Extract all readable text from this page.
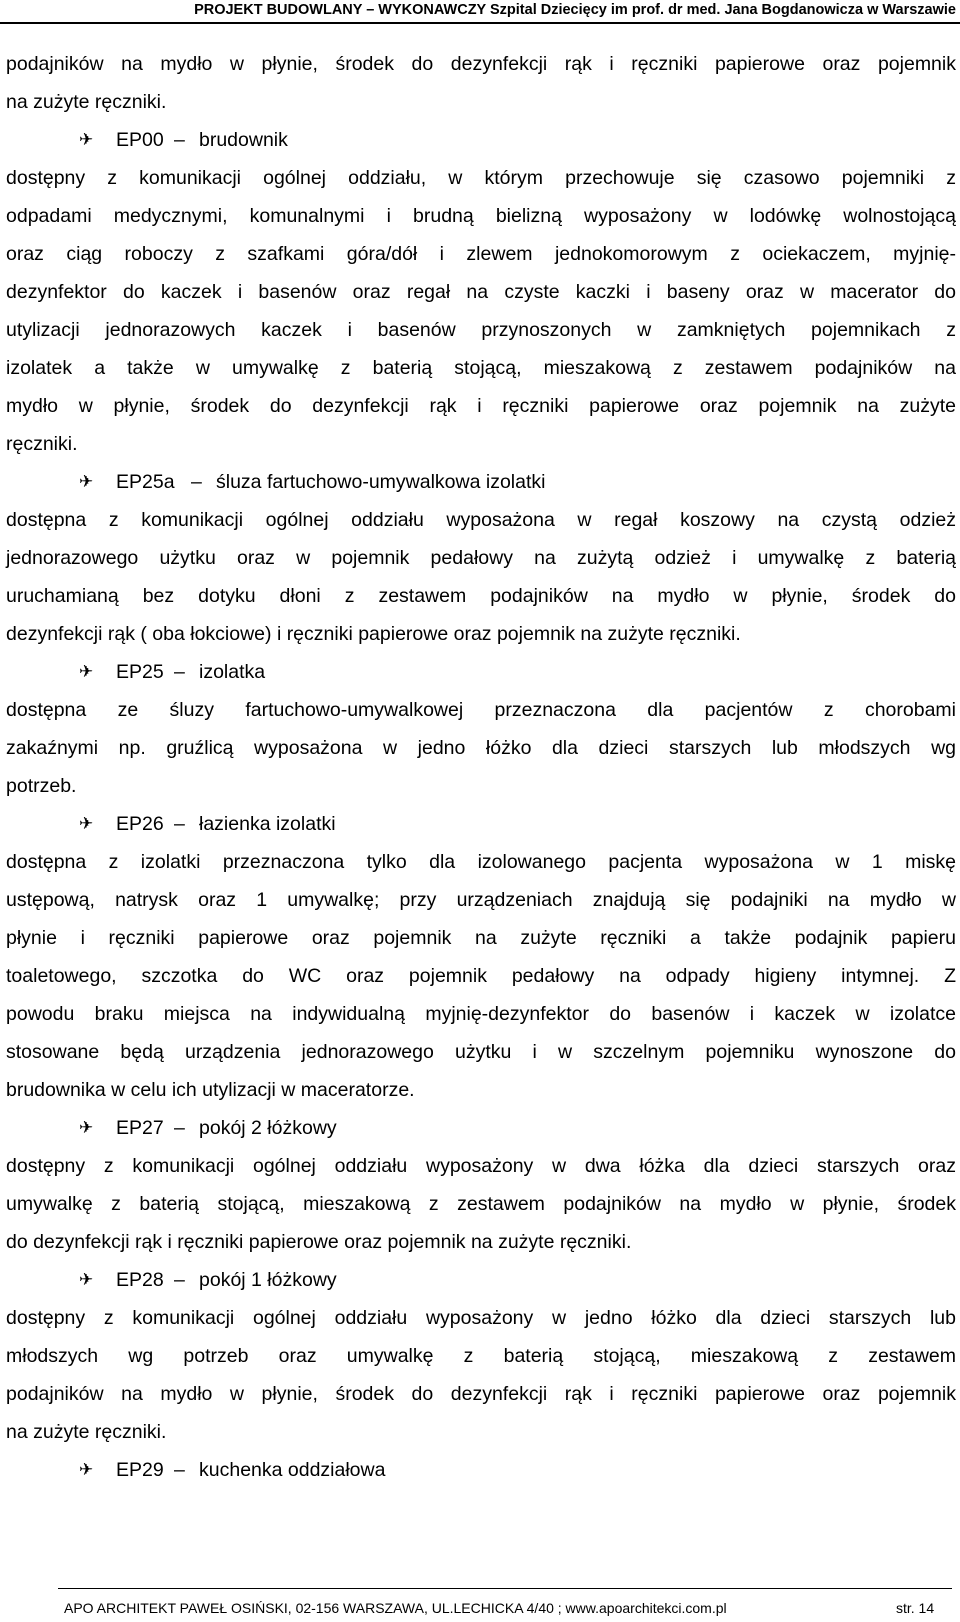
PROJEKT BUDOWLANY – WYKONAWCZY Szpital Dziecięcy im prof. dr med. Jana Bogdanowicza w Warszawie
podajników na mydło w płynie, środek do dezynfekcji rąk i ręczniki papierowe oraz pojemnik
na zużyte ręczniki.
✈ EP00 – brudownik
dostępny z komunikacji ogólnej oddziału, w którym przechowuje się czasowo pojemniki z
odpadami medycznymi, komunalnymi i brudną bielizną wyposażony w lodówkę wolnostojącą
oraz ciąg roboczy z szafkami góra/dół i zlewem jednokomorowym z ociekaczem, myjnię-
dezynfektor do kaczek i basenów oraz regał na czyste kaczki i baseny oraz w macerator do
utylizacji jednorazowych kaczek i basenów przynoszonych w zamkniętych pojemnikach z
izolatek a także w umywalkę z baterią stojącą, mieszakową z zestawem podajników na
mydło w płynie, środek do dezynfekcji rąk i ręczniki papierowe oraz pojemnik na zużyte
ręczniki.
✈ EP25a – śluza fartuchowo-umywalkowa izolatki
dostępna z komunikacji ogólnej oddziału wyposażona w regał koszowy na czystą odzież
jednorazowego użytku oraz w pojemnik pedałowy na zużytą odzież i umywalkę z baterią
uruchamianą bez dotyku dłoni z zestawem podajników na mydło w płynie, środek do
dezynfekcji rąk ( oba łokciowe) i ręczniki papierowe oraz pojemnik na zużyte ręczniki.
✈ EP25 – izolatka
dostępna ze śluzy fartuchowo-umywalkowej przeznaczona dla pacjentów z chorobami
zakaźnymi np. gruźlicą wyposażona w jedno łóżko dla dzieci starszych lub młodszych wg
potrzeb.
✈ EP26 – łazienka izolatki
dostępna z izolatki przeznaczona tylko dla izolowanego pacjenta wyposażona w 1 miskę
ustępową, natrysk oraz 1 umywalkę; przy urządzeniach znajdują się podajniki na mydło w
płynie i ręczniki papierowe oraz pojemnik na zużyte ręczniki a także podajnik papieru
toaletowego, szczotka do WC oraz pojemnik pedałowy na odpady higieny intymnej. Z
powodu braku miejsca na indywidualną myjnię-dezynfektor do basenów i kaczek w izolatce
stosowane będą urządzenia jednorazowego użytku i w szczelnym pojemniku wynoszone do
brudownika w celu ich utylizacji w maceratorze.
✈ EP27 – pokój 2 łóżkowy
dostępny z komunikacji ogólnej oddziału wyposażony w dwa łóżka dla dzieci starszych oraz
umywalkę z baterią stojącą, mieszakową z zestawem podajników na mydło w płynie, środek
do dezynfekcji rąk i ręczniki papierowe oraz pojemnik na zużyte ręczniki.
✈ EP28 – pokój 1 łóżkowy
dostępny z komunikacji ogólnej oddziału wyposażony w jedno łóżko dla dzieci starszych lub
młodszych wg potrzeb oraz umywalkę z baterią stojącą, mieszakową z zestawem
podajników na mydło w płynie, środek do dezynfekcji rąk i ręczniki papierowe oraz pojemnik
na zużyte ręczniki.
✈ EP29 – kuchenka oddziałowa
APO ARCHITEKT PAWEŁ OSIŃSKI, 02-156 WARSZAWA, UL.LECHICKA 4/40 ; www.apoarchitekci.com.pl	str. 14
